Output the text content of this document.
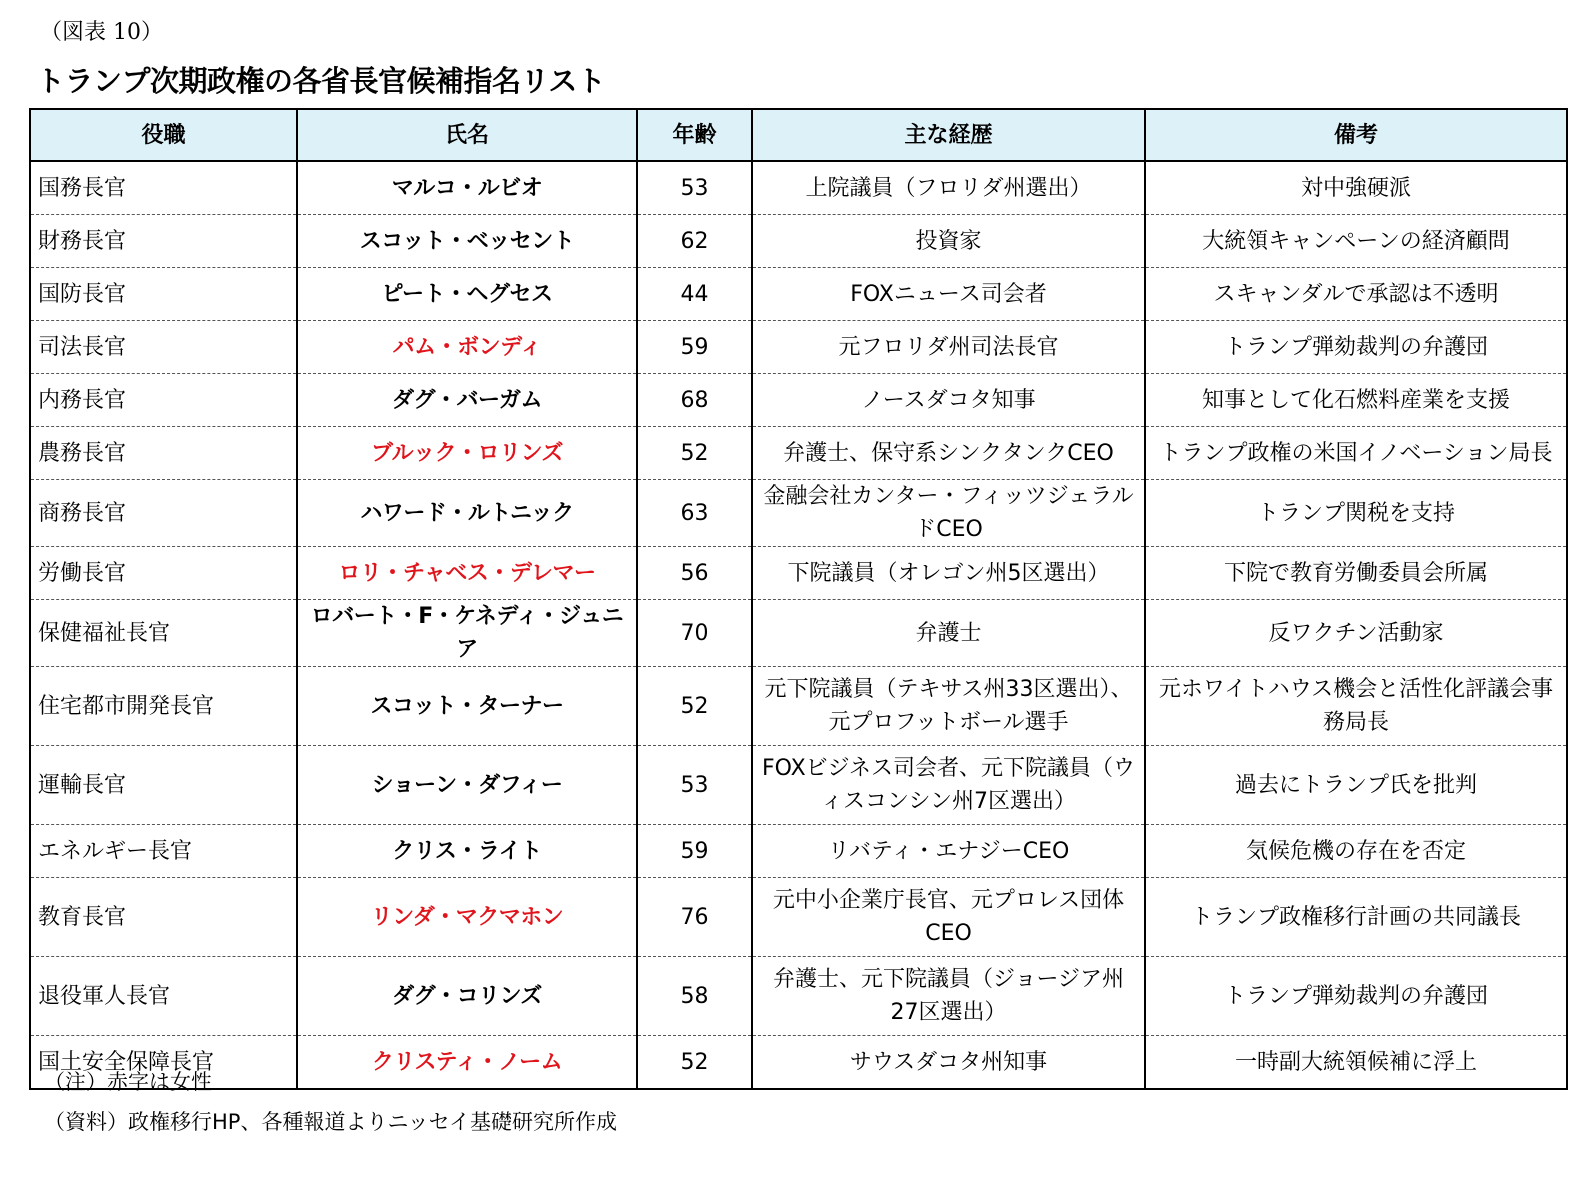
（図表 10）
トランプ次期政権の各省長官候補指名リスト
役職	氏名	年齢	主な経歴	備考
国務長官	マルコ・ルビオ	53	上院議員（フロリダ州選出）	対中強硬派
財務長官	スコット・ベッセント	62	投資家	大統領キャンペーンの経済顧問
国防長官	ピート・ヘグセス	44	FOXニュース司会者	スキャンダルで承認は不透明
司法長官	パム・ボンディ	59	元フロリダ州司法長官	トランプ弾劾裁判の弁護団
内務長官	ダグ・バーガム	68	ノースダコタ知事	知事として化石燃料産業を支援
農務長官	ブルック・ロリンズ	52	弁護士、保守系シンクタンクCEO	トランプ政権の米国イノベーション局長
商務長官	ハワード・ルトニック	63	金融会社カンター・フィッツジェラルドCEO	トランプ関税を支持
労働長官	ロリ・チャベス・デレマー	56	下院議員（オレゴン州5区選出）	下院で教育労働委員会所属
保健福祉長官	ロバート・F・ケネディ・ジュニア	70	弁護士	反ワクチン活動家
住宅都市開発長官	スコット・ターナー	52	元下院議員（テキサス州33区選出）、元プロフットボール選手	元ホワイトハウス機会と活性化評議会事務局長
運輸長官	ショーン・ダフィー	53	FOXビジネス司会者、元下院議員（ウィスコンシン州7区選出）	過去にトランプ氏を批判
エネルギー長官	クリス・ライト	59	リバティ・エナジーCEO	気候危機の存在を否定
教育長官	リンダ・マクマホン	76	元中小企業庁長官、元プロレス団体CEO	トランプ政権移行計画の共同議長
退役軍人長官	ダグ・コリンズ	58	弁護士、元下院議員（ジョージア州27区選出）	トランプ弾劾裁判の弁護団
国土安全保障長官	クリスティ・ノーム	52	サウスダコタ州知事	一時副大統領候補に浮上
（注）赤字は女性
（資料）政権移行HP、各種報道よりニッセイ基礎研究所作成
